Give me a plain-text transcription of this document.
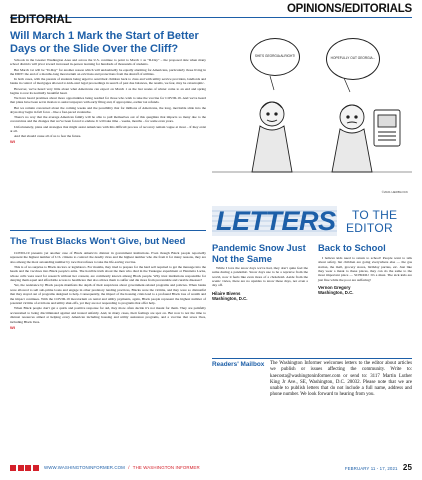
OPINIONS/EDITORIALS
EDITORIAL
Will March 1 Mark the Start of Better Days or the Slide Over the Cliff?

Schools in the Greater Washington Area and across the U.S. continue to point to March 1 as "D-Day" – the proposed date when many school districts will pivot toward increased in-person learning for hundreds of thousands of students.

But March 1st will be "D-Day" for another reason which will undoubtedly be equally alarming for Americans, particularly those living in the DMV: the end of a months-long moratorium on evictions and protections from the shutoff of utilities.

In both cases, with the parents of students being urged to send their children back to class and with utility service providers, landlords and banks in control of mortgages allowed to kick-start legal proceedings in search of past due balances, the results, we fear, may be catastrophic.

However, we've heard very little about what Americans can expect on March 1 as the last weeks of winter come to an end and spring begins to rear its normally beautiful head.

We have heard promises about more opportunities being readied for those who wish to take the vaccine for COVID-19. And we've heard that plans have been set in motion to assist taxpayers with early filing and, if appropriate, earlier tax refunds.

But we remain concerned about the coming weeks and the possibility that for millions of Americans, the long, inevitable slide into the abyss may begin in full force – like a fast-paced avalanche.

There's no way that the average American family will be able to pull themselves out of this quagmire that impacts so many due to the coronavirus and the changes that we've been forced to endure. It will take time – weeks, months – for some even years.

Unfortunately, plans and strategies that might assist Americans with this difficult process of recovery remain vague at most – if they exist at all.

And that should cause all of us to fear the future.

WI
SHE'S GEORGIA ALRIGHT!	HOPEFULLY OUT GEORGIA...
©2021 HERBLOCK
The Trust Blacks Won't Give, but Need

COVID-19 presents yet another case of Black America's distrust in government institutions. Even though Black people reportedly represent the highest number of U.S. citizens to contract the deadly virus and the highest number who die from it for many reasons, they are also among the most astounding number by race that refuses to take the life-saving vaccine.

This is of no surprise to Black doctors or legislators. For months, they tried to prepare for the hard sell required to get the message into the heads and the vaccines into Black people's arms. The horrible truth about the men who died in the Tuskegee experiment or Henrietta Lacks, whose cells were used for research without her consent, are commonly known among Black people. Why trust institutions responsible for denying them equal and affordable access to healthcare that also allows them to suffer and die more from preventable and curable diseases?

Yet, the resistance by Black people manifests the depth of their suspicions about government-related programs and policies. When banks were allowed to sell sub-prime loans and engage in other predatory lending practices, Blacks were the victims, and they were so distrustful that they stayed out of programs designed to help. Consequently, the impact of the housing crisis lead to a profound Black loss of wealth and the impact continues. With the COVID-19 moratorium on rental and utility payments, again, Black people represent the highest number of potential victims of evictions and utility shut-offs, yet they are not responding to programs that offer help.

When Black people don't get a quick and positive response for aid, they more often decide it's not meant for them. They are painfully accustomed to being discriminated against and treated unfairly. And, in many cases, their feelings are spot on. But now is not the time to distrust resources aimed at helping every American including housing and utility assistance programs, and a vaccine that saves lives, including Black lives.

WI
LETTERS TO THE
EDITOR
Pandemic Snow Just Not the Same

While I love the snow days we've had, they don't quite feel the same during a pandemic. Snow days use to be a reprieve from the world, now it feels like even more of a cholehold. Aside from the scenic views, there are no upsides to snow these days, not even a day off.

Hilaire Bivens
Washington, D.C.
Back to School

I believe kids need to return to school! People want to talk about safety, but children are going everywhere else — the gas station, the mall, grocery stores, birthday parties, etc. Just like they wear a mask to these places, they can do the same to the most important place — SCHOOL! It's a must. The sick kids are just fine while the poor are suffering!

Vernon Gregory
Washington, D.C.
Readers' Mailbox The Washington Informer welcomes letters to the editor about articles we publish or issues affecting the community. Write to: kaecosta@washingtoninformer.com or send to: 3117 Martin Luther King Jr Ave., SE, Washington, D.C. 20032. Please note that we are unable to publish letters that do not include a full name, address and phone number. We look forward to hearing from you.
WWW.WASHINGTONINFORMER.COM / THE WASHINGTON INFORMER	FEBRUARY 11 - 17, 2021 25
